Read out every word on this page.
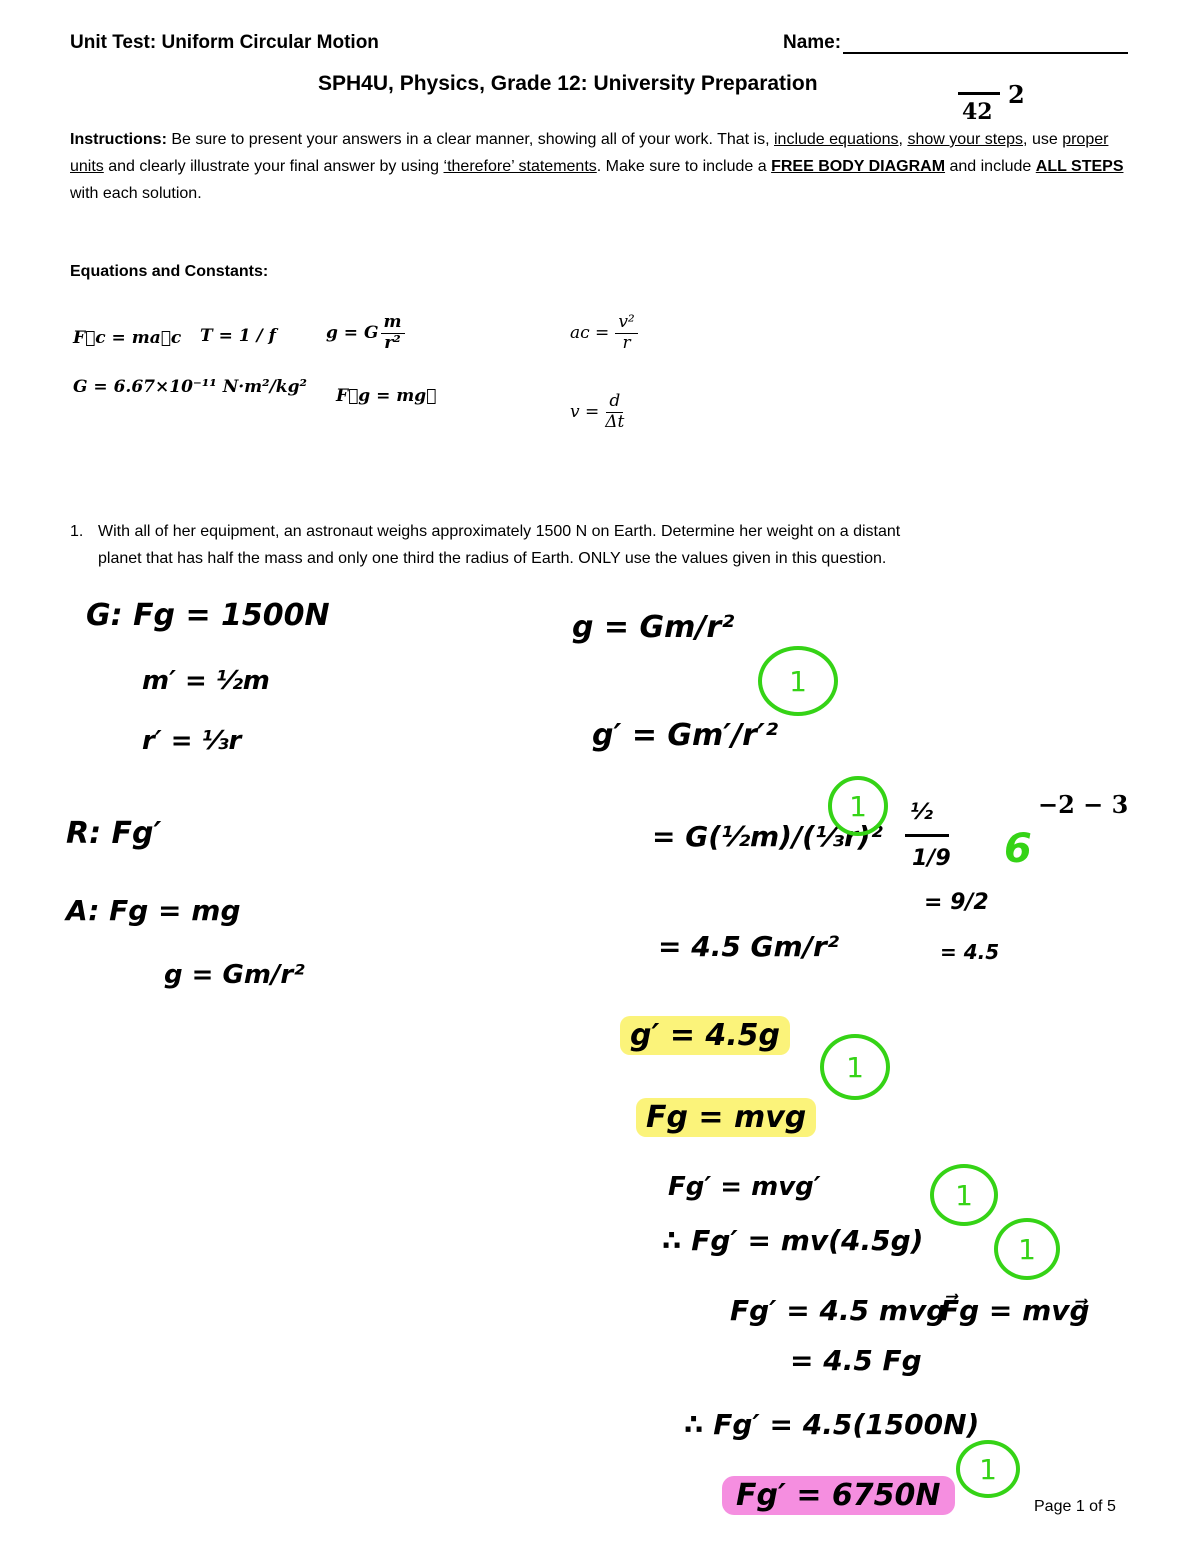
Unit Test: Uniform Circular Motion	Name:
SPH4U, Physics, Grade 12: University Preparation
42
2
Instructions: Be sure to present your answers in a clear manner, showing all of your work. That is, include equations, show your steps, use proper units and clearly illustrate your final answer by using ‘therefore’ statements. Make sure to include a FREE BODY DIAGRAM and include ALL STEPS with each solution.
Equations and Constants:
F⃗c = ma⃗c T = 1 / f	g = G $\frac{m}{\text{r²}}$	aᴄ = $\frac{\text{v²}}{r}$
G = 6.67×10⁻¹¹ N·m²/kg² F⃗g = mg⃗
$v = \frac{d}{\Delta t}$
1. With all of her equipment, an astronaut weighs approximately 1500 N on Earth. Determine her weight on a distant
planet that has half the mass and only one third the radius of Earth. ONLY use the values given in this question.
G: Fg = 1500N
m′ = ½m
r′ = ⅓r
R: Fg′
A: Fg = mg
g = Gm/r²
g = Gm/r²
g′ = Gm′/r′²
= G(½m)/(⅓r)²
= 4.5 Gm/r²
g′ = 4.5g
Fg = mvg
Fg′ = mvg′
∴ Fg′ = mv(4.5g)
Fg′ = 4.5 mvg
= 4.5 Fg
F⃗g = mvg⃗
∴ Fg′ = 4.5(1500N)
Fg′ = 6750N
½
1/9
= 9/2
= 4.5
6
−2 − 3
1
1
1
1
1
1
Page 1 of 5
